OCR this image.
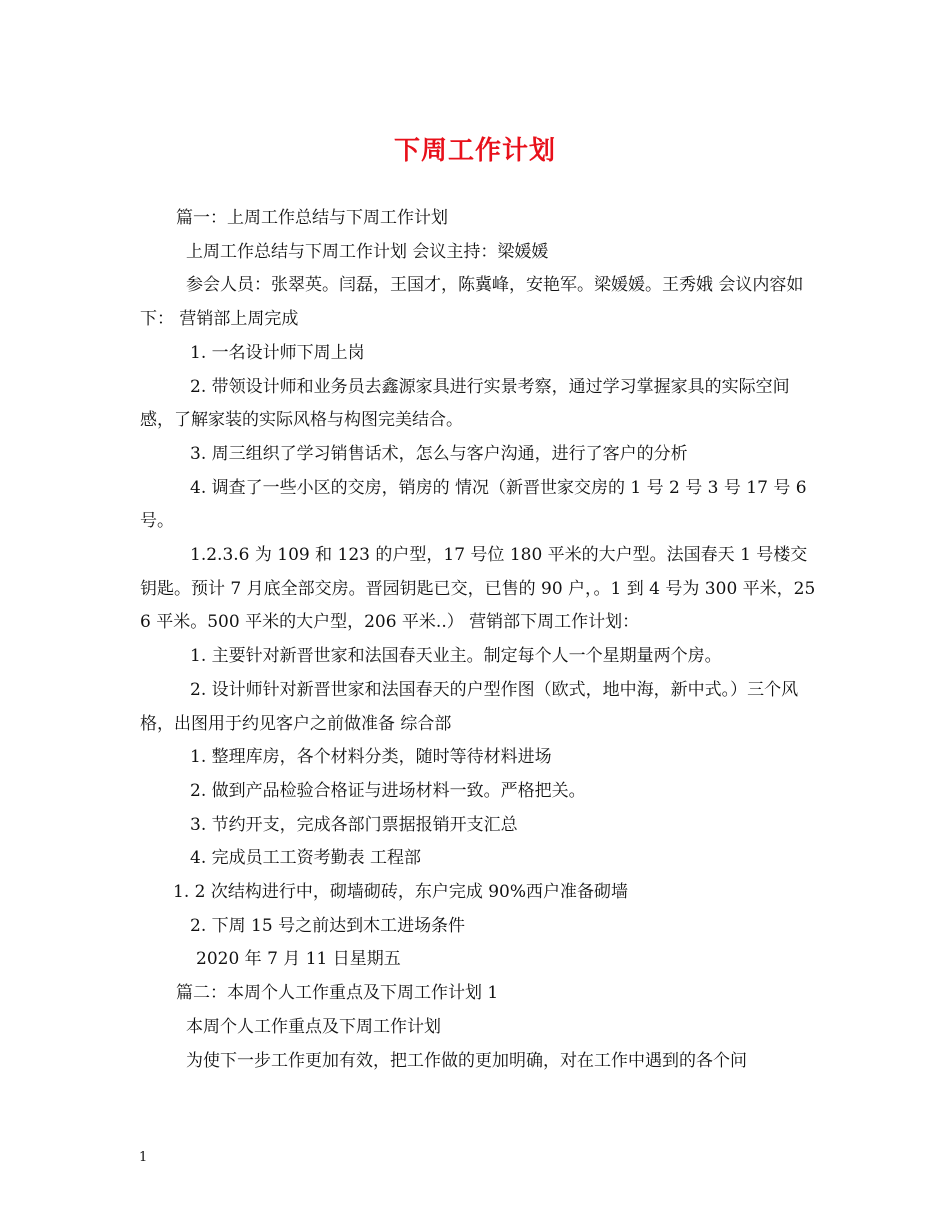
下周工作计划

篇一：上周工作总结与下周工作计划

上周工作总结与下周工作计划 会议主持：梁媛媛

参会人员：张翠英。闫磊，王国才，陈冀峰，安艳军。梁媛媛。王秀娥 会议内容如下： 营销部上周完成

1. 一名设计师下周上岗

2. 带领设计师和业务员去鑫源家具进行实景考察，通过学习掌握家具的实际空间感，了解家装的实际风格与构图完美结合。

3. 周三组织了学习销售话术，怎么与客户沟通，进行了客户的分析

4. 调查了一些小区的交房，销房的 情况（新晋世家交房的 1 号 2 号 3 号 17 号 6 号。

1.2.3.6 为 109 和 123 的户型，17 号位 180 平米的大户型。法国春天 1 号楼交钥匙。预计 7 月底全部交房。晋园钥匙已交，已售的 90 户，。1 到 4 号为 300 平米，256 平米。500 平米的大户型，206 平米..） 营销部下周工作计划：

1. 主要针对新晋世家和法国春天业主。制定每个人一个星期量两个房。

2. 设计师针对新晋世家和法国春天的户型作图（欧式，地中海，新中式。）三个风格，出图用于约见客户之前做准备 综合部

1. 整理库房，各个材料分类，随时等待材料进场

2. 做到产品检验合格证与进场材料一致。严格把关。

3. 节约开支，完成各部门票据报销开支汇总

4. 完成员工工资考勤表 工程部

1. 2 次结构进行中，砌墙砌砖，东户完成 90%西户准备砌墙

2. 下周 15 号之前达到木工进场条件

2020 年 7 月 11 日星期五

篇二：本周个人工作重点及下周工作计划 1

本周个人工作重点及下周工作计划

为使下一步工作更加有效，把工作做的更加明确，对在工作中遇到的各个问

1
